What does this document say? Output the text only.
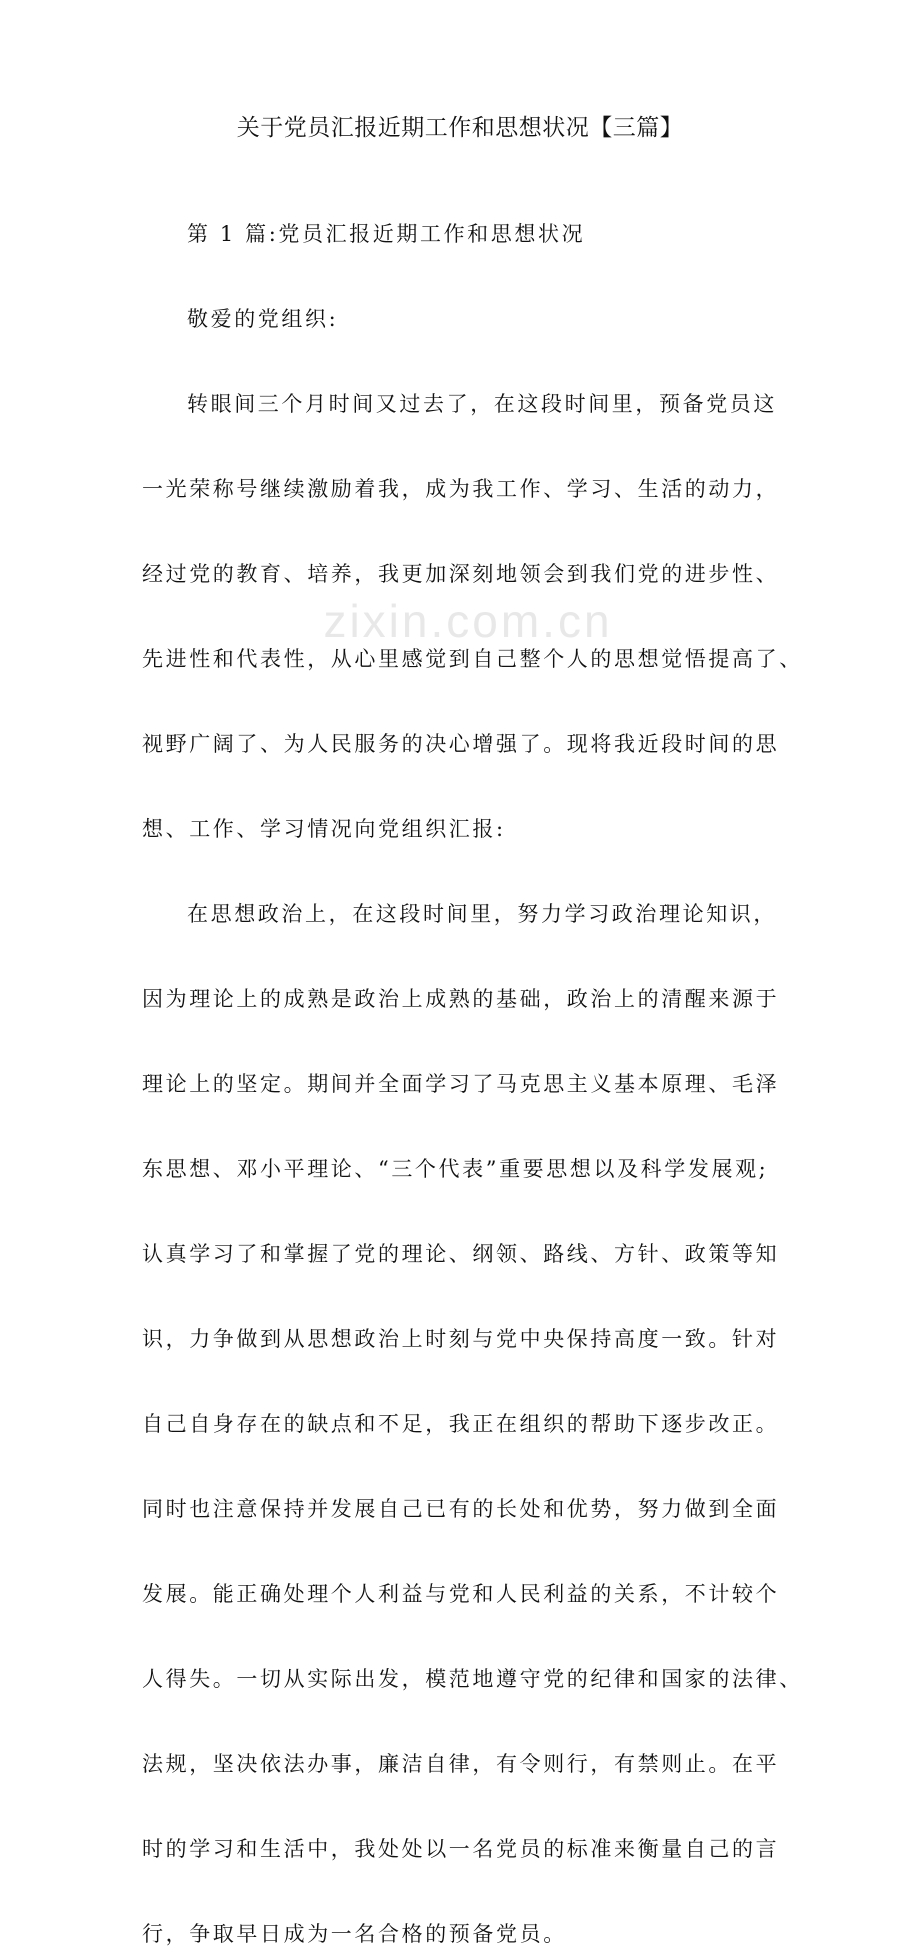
zixin.com.cn
关于党员汇报近期工作和思想状况【三篇】

第 1 篇:党员汇报近期工作和思想状况

敬爱的党组织:

转眼间三个月时间又过去了，在这段时间里，预备党员这

一光荣称号继续激励着我，成为我工作、学习、生活的动力，

经过党的教育、培养，我更加深刻地领会到我们党的进步性、

先进性和代表性，从心里感觉到自己整个人的思想觉悟提高了、

视野广阔了、为人民服务的决心增强了。现将我近段时间的思

想、工作、学习情况向党组织汇报:

在思想政治上，在这段时间里，努力学习政治理论知识，

因为理论上的成熟是政治上成熟的基础，政治上的清醒来源于

理论上的坚定。期间并全面学习了马克思主义基本原理、毛泽

东思想、邓小平理论、“三个代表”重要思想以及科学发展观;

认真学习了和掌握了党的理论、纲领、路线、方针、政策等知

识，力争做到从思想政治上时刻与党中央保持高度一致。针对

自己自身存在的缺点和不足，我正在组织的帮助下逐步改正。

同时也注意保持并发展自己已有的长处和优势，努力做到全面

发展。能正确处理个人利益与党和人民利益的关系，不计较个

人得失。一切从实际出发，模范地遵守党的纪律和国家的法律、

法规，坚决依法办事，廉洁自律，有令则行，有禁则止。在平

时的学习和生活中，我处处以一名党员的标准来衡量自己的言

行，争取早日成为一名合格的预备党员。
